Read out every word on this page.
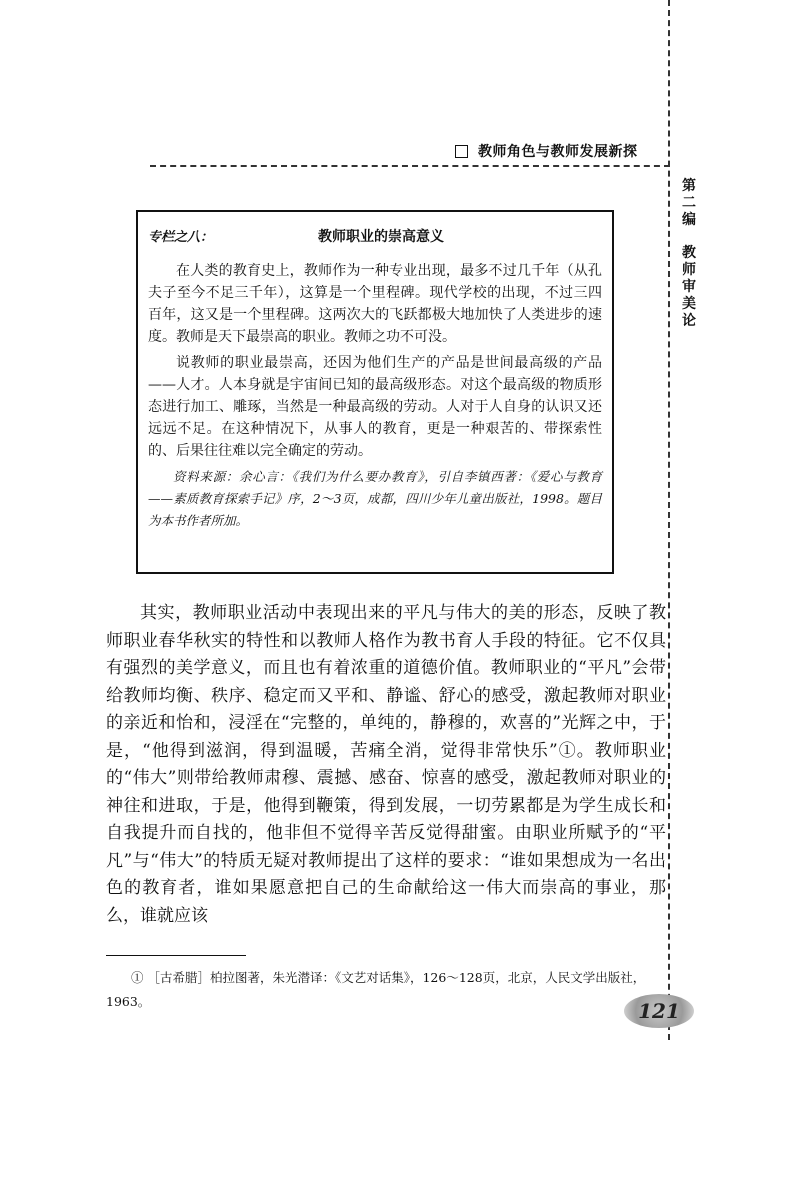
教师角色与教师发展新探
第
二
编
教
师
审
美
论
专栏之八：	教师职业的崇高意义

在人类的教育史上，教师作为一种专业出现，最多不过几千年（从孔夫子至今不足三千年），这算是一个里程碑。现代学校的出现，不过三四百年，这又是一个里程碑。这两次大的飞跃都极大地加快了人类进步的速度。教师是天下最崇高的职业。教师之功不可没。

说教师的职业最崇高，还因为他们生产的产品是世间最高级的产品——人才。人本身就是宇宙间已知的最高级形态。对这个最高级的物质形态进行加工、雕琢，当然是一种最高级的劳动。人对于人自身的认识又还远远不足。在这种情况下，从事人的教育，更是一种艰苦的、带探索性的、后果往往难以完全确定的劳动。

资料来源：余心言：《我们为什么要办教育》，引自李镇西著：《爱心与教育——素质教育探索手记》序，2～3页，成都，四川少年儿童出版社，1998。题目为本书作者所加。

其实，教师职业活动中表现出来的平凡与伟大的美的形态，反映了教师职业春华秋实的特性和以教师人格作为教书育人手段的特征。它不仅具有强烈的美学意义，而且也有着浓重的道德价值。教师职业的“平凡”会带给教师均衡、秩序、稳定而又平和、静谧、舒心的感受，激起教师对职业的亲近和怡和，浸淫在“完整的，单纯的，静穆的，欢喜的”光辉之中，于是，“他得到滋润，得到温暖，苦痛全消，觉得非常快乐”①。教师职业的“伟大”则带给教师肃穆、震撼、感奋、惊喜的感受，激起教师对职业的神往和进取，于是，他得到鞭策，得到发展，一切劳累都是为学生成长和自我提升而自找的，他非但不觉得辛苦反觉得甜蜜。由职业所赋予的“平凡”与“伟大”的特质无疑对教师提出了这样的要求：“谁如果想成为一名出色的教育者，谁如果愿意把自己的生命献给这一伟大而崇高的事业，那么，谁就应该

① ［古希腊］柏拉图著，朱光潜译：《文艺对话集》，126～128页，北京，人民文学出版社，1963。	121
